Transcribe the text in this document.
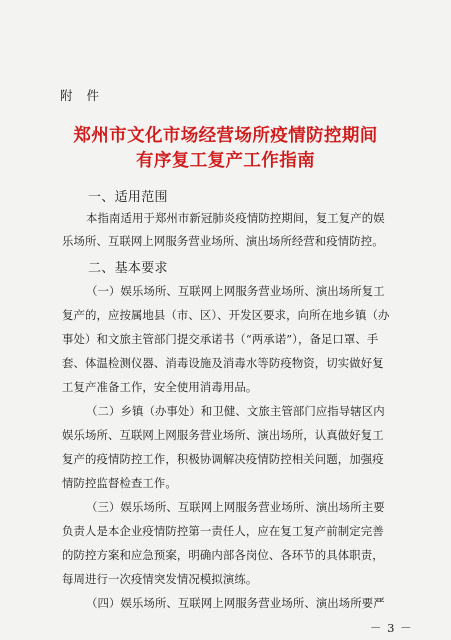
附 件
郑州市文化市场经营场所疫情防控期间
有序复工复产工作指南
一、适用范围
本指南适用于郑州市新冠肺炎疫情防控期间，复工复产的娱
乐场所、互联网上网服务营业场所、演出场所经营和疫情防控。
二、基本要求
（一）娱乐场所、互联网上网服务营业场所、演出场所复工
复产的，应按属地县（市、区）、开发区要求，向所在地乡镇（办
事处）和文旅主管部门提交承诺书（“两承诺”），备足口罩、手
套、体温检测仪器、消毒设施及消毒水等防疫物资，切实做好复
工复产准备工作，安全使用消毒用品。
（二）乡镇（办事处）和卫健、文旅主管部门应指导辖区内
娱乐场所、互联网上网服务营业场所、演出场所，认真做好复工
复产的疫情防控工作，积极协调解决疫情防控相关问题，加强疫
情防控监督检查工作。
（三）娱乐场所、互联网上网服务营业场所、演出场所主要
负责人是本企业疫情防控第一责任人，应在复工复产前制定完善
的防控方案和应急预案，明确内部各岗位、各环节的具体职责，
每周进行一次疫情突发情况模拟演练。
（四）娱乐场所、互联网上网服务营业场所、演出场所要严
－ 3 －
